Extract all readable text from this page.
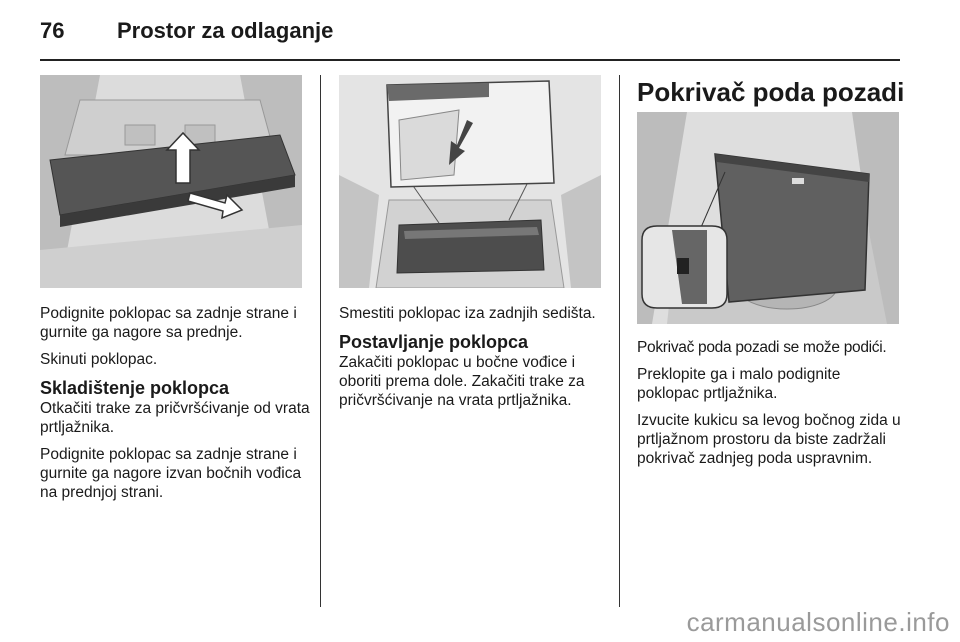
76 Prostor za odlaganje

Podignite poklopac sa zadnje strane i gurnite ga nagore sa prednje.

Skinuti poklopac.

Skladištenje poklopca

Otkačiti trake za pričvršćivanje od vrata prtljažnika.

Podignite poklopac sa zadnje strane i gurnite ga nagore izvan bočnih vođica na prednjoj strani.

Smestiti poklopac iza zadnjih sedišta.

Postavljanje poklopca

Zakačiti poklopac u bočne vođice i oboriti prema dole. Zakačiti trake za pričvršćivanje na vrata prtljažnika.

Pokrivač poda pozadi

Pokrivač poda pozadi se može podići.

Preklopite ga i malo podignite poklopac prtljažnika.

Izvucite kukicu sa levog bočnog zida u prtljažnom prostoru da biste zadržali pokrivač zadnjeg poda uspravnim.

carmanualsonline.info
